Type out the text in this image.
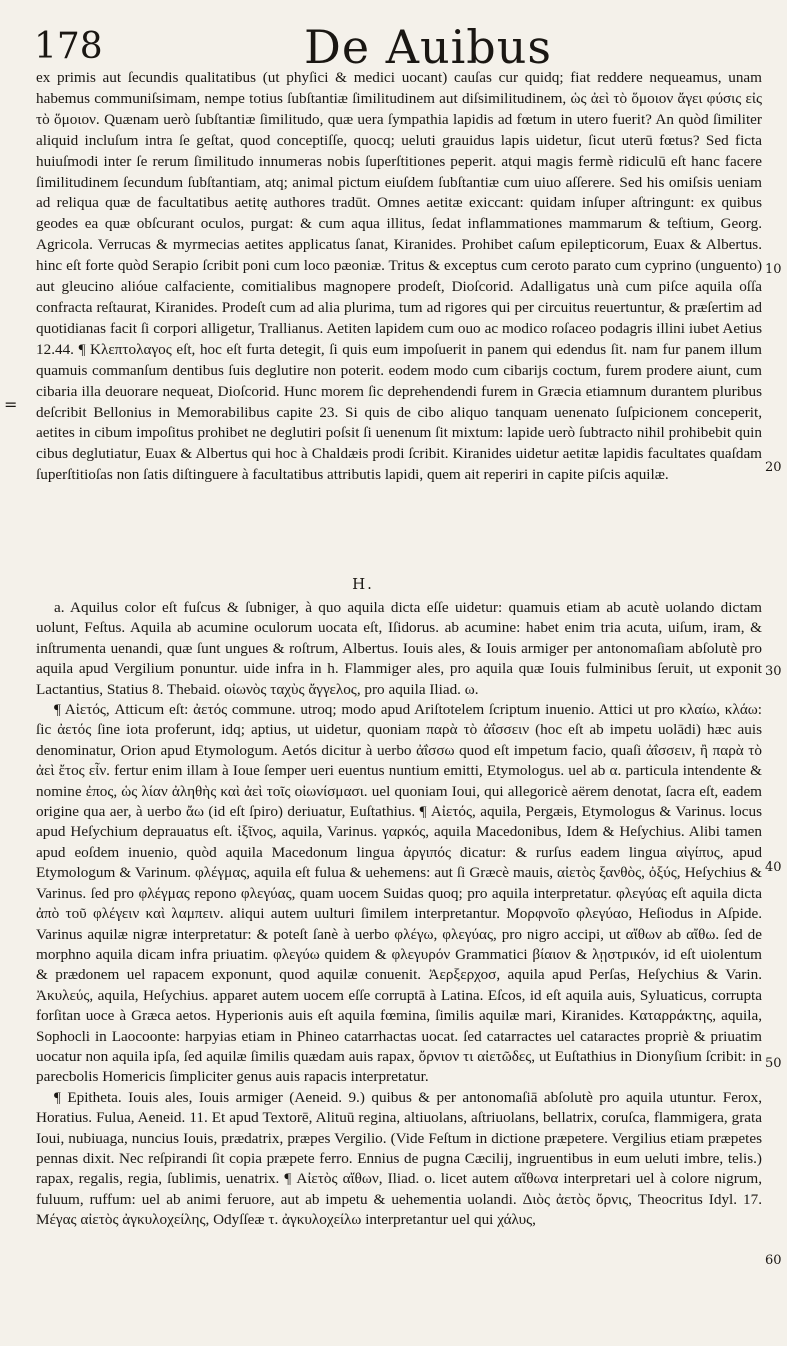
178	De Auibus

ex primis aut ſecundis qualitatibus (ut phyſici & medici uocant) cauſas cur quidq; fiat reddere nequeamus, unam habemus communiſsimam, nempe totius ſubſtantiæ ſimilitudinem aut diſsimilitudinem, ὡς ἀεὶ τὸ ὅμοιον ἄγει φύσις εἰς τὸ ὅμοιον. Quænam uerò ſubſtantiæ ſimilitudo, quæ uera ſympathia lapidis ad fœtum in utero fuerit? An quòd ſimiliter aliquid incluſum intra ſe geſtat, quod conceptiſſe, quocq; ueluti grauidus lapis uidetur, ſicut uterū fœtus? Sed ficta huiuſmodi inter ſe rerum ſimilitudo innumeras nobis ſuperſtitiones peperit. atqui magis fermè ridiculū eſt hanc facere ſimilitudinem ſecundum ſubſtantiam, atq; animal pictum eiuſdem ſubſtantiæ cum uiuo aſſerere. Sed his omiſsis ueniam ad reliqua quæ de facultatibus aetitę authores tradūt. Omnes aetitæ exiccant: quidam inſuper aſtringunt: ex quibus geodes ea quæ obſcurant oculos, purgat: & cum aqua illitus, ſedat inflammationes mammarum & teſtium, Georg. Agricola. Verrucas & myrmecias aetites applicatus ſanat, Kiranides. Prohibet caſum epilepticorum, Euax & Albertus. hinc eſt forte quòd Serapio ſcribit poni cum loco pæoniæ. Tritus & exceptus cum ceroto parato cum cyprino (unguento) aut gleucino alióue calfaciente, comitialibus magnopere prodeſt, Dioſcorid. Adalligatus unà cum piſce aquila oſſa confracta reſtaurat, Kiranides. Prodeſt cum ad alia plurima, tum ad rigores qui per circuitus reuertuntur, & præſertim ad quotidianas facit ſi corpori alligetur, Trallianus. Aetiten lapidem cum ouo ac modico roſaceo podagris illini iubet Aetius 12.44. ¶ Κλεπτολαγος eſt, hoc eſt furta detegit, ſi quis eum impoſuerit in panem qui edendus ſit. nam fur panem illum quamuis commanſum dentibus ſuis deglutire non poterit. eodem modo cum cibarijs coctum, furem prodere aiunt, cum cibaria illa deuorare nequeat, Dioſcorid. Hunc morem ſic deprehendendi furem in Græcia etiamnum durantem pluribus deſcribit Bellonius in Memorabilibus capite 23. Si quis de cibo aliquo tanquam uenenato ſuſpicionem conceperit, aetites in cibum impoſitus prohibet ne deglutiri poſsit ſi uenenum ſit mixtum: lapide uerò ſubtracto nihil prohibebit quin cibus deglutiatur, Euax & Albertus qui hoc à Chaldæis prodi ſcribit. Kiranides uidetur aetitæ lapidis facultates quaſdam ſuperſtitioſas non ſatis diſtinguere à facultatibus attributis lapidi, quem ait reperiri in capite piſcis aquilæ.

10
20
30
40
50
60
=
H.

a. Aquilus color eſt fuſcus & ſubniger, à quo aquila dicta eſſe uidetur: quamuis etiam ab acutè uolando dictam uolunt, Feſtus. Aquila ab acumine oculorum uocata eſt, Iſidorus. ab acumine: habet enim tria acuta, uiſum, iram, & inſtrumenta uenandi, quæ ſunt ungues & roſtrum, Albertus. Iouis ales, & Iouis armiger per antonomaſiam abſolutè pro aquila apud Vergilium ponuntur. uide infra in h. Flammiger ales, pro aquila quæ Iouis fulminibus ſeruit, ut exponit Lactantius, Statius 8. Thebaid. οἰωνὸς ταχὺς ἄγγελος, pro aquila Iliad. ω.

¶ Αἰετός, Atticum eſt: ἀετός commune. utroq; modo apud Ariſtotelem ſcriptum inuenio. Attici ut pro κλαίω, κλάω: ſic ἀετός ſine iota proferunt, idq; aptius, ut uidetur, quoniam παρὰ τὸ ἀΐσσειν (hoc eſt ab impetu uolādi) hæc auis denominatur, Orion apud Etymologum. Aetós dicitur à uerbo ἀΐσσω quod eſt impetum facio, quaſi ἀΐσσειν, ἢ παρὰ τὸ ἀεὶ ἔτος εἶν. fertur enim illam à Ioue ſemper ueri euentus nuntium emitti, Etymologus. uel ab α. particula intendente & nomine ἐπος, ὡς λίαν ἀληθὴς καὶ ἀεὶ τοῖς οἰωνίσμασι. uel quoniam Ioui, qui allegoricè aërem denotat, ſacra eſt, eadem origine qua aer, à uerbo ἄω (id eſt ſpiro) deriuatur, Euſtathius. ¶ Αἰετός, aquila, Pergæis, Etymologus & Varinus. locus apud Heſychium deprauatus eſt. ἰξῖνος, aquila, Varinus. γαρκός, aquila Macedonibus, Idem & Heſychius. Alibi tamen apud eoſdem inuenio, quòd aquila Macedonum lingua ἀργιπός dicatur: & rurſus eadem lingua αἰγίπυς, apud Etymologum & Varinum. φλέγμας, aquila eſt fulua & uehemens: aut ſi Græcè mauis, αἰετὸς ξανθὸς, ὀξύς, Heſychius & Varinus. ſed pro φλέγμας repono φλεγύας, quam uocem Suidas quoq; pro aquila interpretatur. φλεγύας eſt aquila dicta ἀπὸ τοῦ φλέγειν καὶ λαμπειν. aliqui autem uulturi ſimilem interpretantur. Μορφνοῖο φλεγύαο, Heſiodus in Aſpide. Varinus aquilæ nigræ interpretatur: & poteſt ſanè à uerbo φλέγω, φλεγύας, pro nigro accipi, ut αἴθων ab αἴθω. ſed de morphno aquila dicam infra priuatim. φλεγύω quidem & φλεγυρόν Grammatici βίαιον & λῃστρικόν, id eſt uiolentum & prædonem uel rapacem exponunt, quod aquilæ conuenit. Ἀερξερχοσ, aquila apud Perſas, Heſychius & Varin. Ἀκυλεύς, aquila, Heſychius. apparet autem uocem eſſe corruptā à Latina. Eſcos, id eſt aquila auis, Syluaticus, corrupta forſitan uoce à Græca aetos. Hyperionis auis eſt aquila fœmina, ſimilis aquilæ mari, Kiranides. Καταρράκτης, aquila, Sophocli in Laocoonte: harpyias etiam in Phineo catarrhactas uocat. ſed catarractes uel cataractes propriè & priuatim uocatur non aquila ipſa, ſed aquilæ ſimilis quædam auis rapax, ὄρνιον τι αἰετῶδες, ut Euſtathius in Dionyſium ſcribit: in parecbolis Homericis ſimpliciter genus auis rapacis interpretatur.

¶ Epitheta. Iouis ales, Iouis armiger (Aeneid. 9.) quibus & per antonomaſiā abſolutè pro aquila utuntur. Ferox, Horatius. Fulua, Aeneid. 11. Et apud Textorē, Alituū regina, altiuolans, aſtriuolans, bellatrix, coruſca, flammigera, grata Ioui, nubiuaga, nuncius Iouis, prædatrix, præpes Vergilio. (Vide Feſtum in dictione præpetere. Vergilius etiam præpetes pennas dixit. Nec reſpirandi ſit copia præpete ferro. Ennius de pugna Cæcilij, ingruentibus in eum ueluti imbre, telis.) rapax, regalis, regia, ſublimis, uenatrix. ¶ Αἰετὸς αἴθων, Iliad. ο. licet autem αἴθωνα interpretari uel à colore nigrum, fuluum, ruffum: uel ab animi feruore, aut ab impetu & uehementia uolandi. Διὸς ἀετὸς ὄρνις, Theocritus Idyl. 17. Μέγας αἰετὸς ἀγκυλοχείλης, Odyſſeæ τ. ἀγκυλοχείλω interpretantur uel qui χάλυς,
